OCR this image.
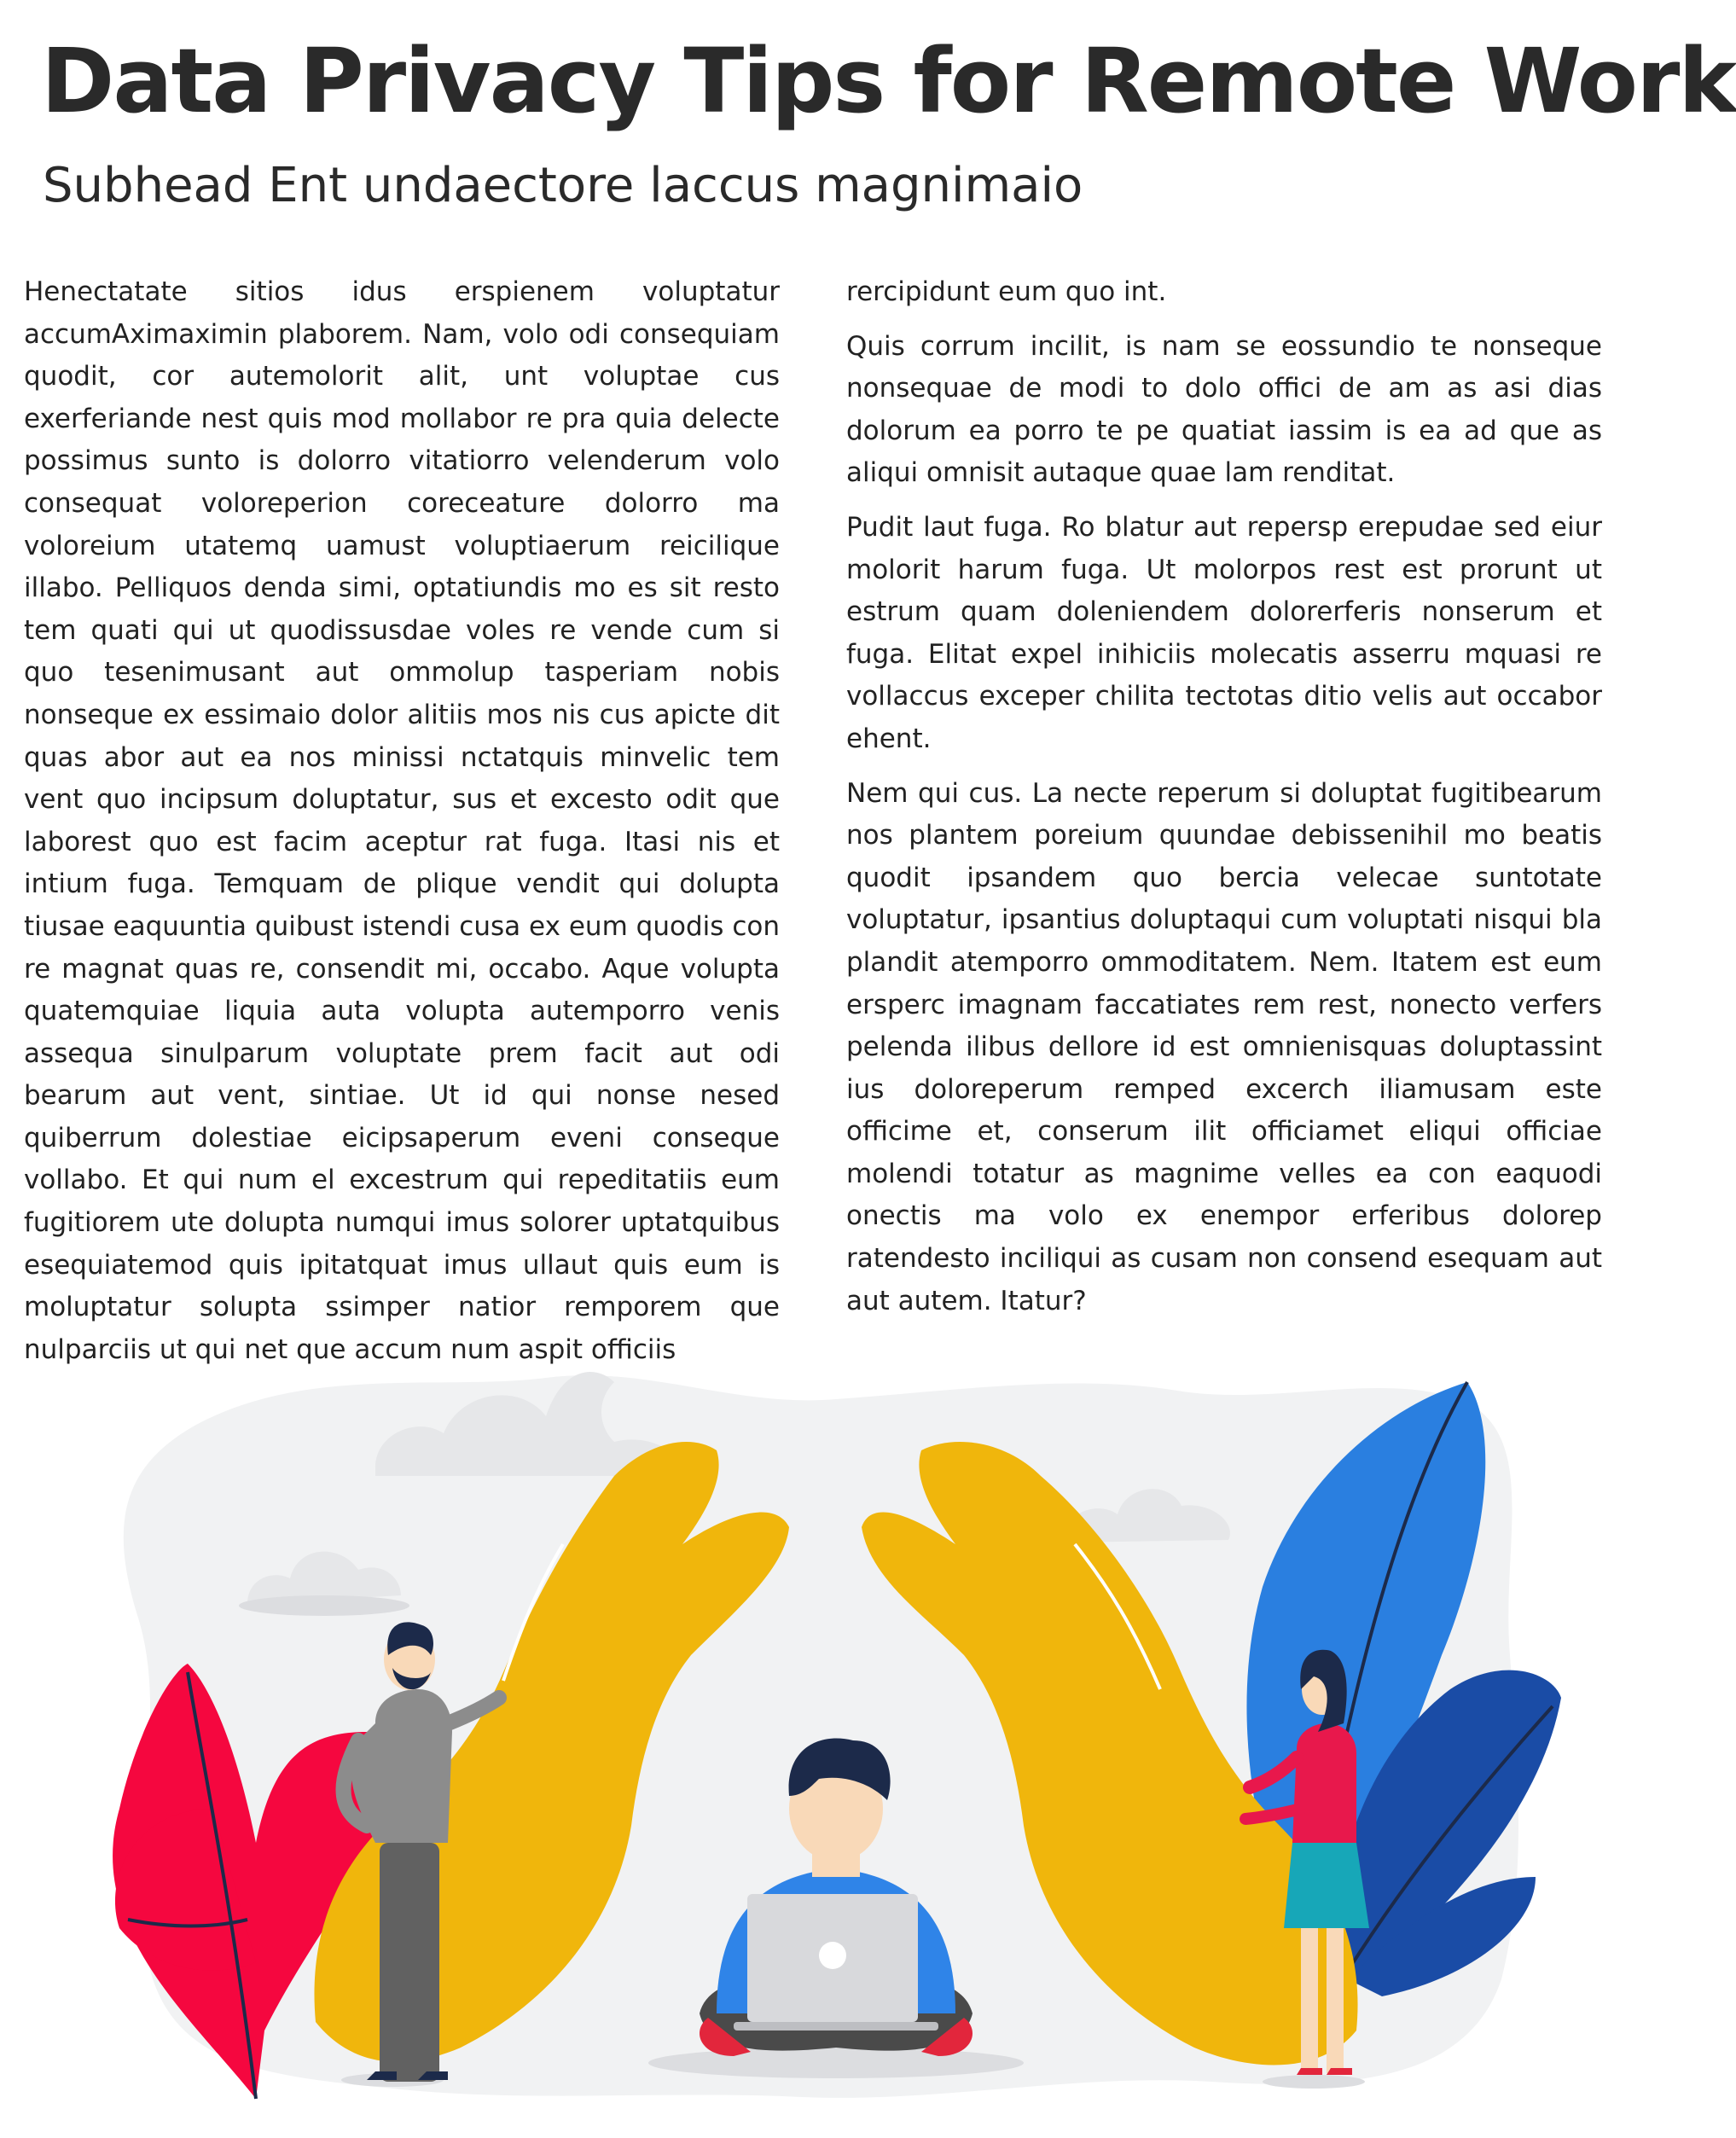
Data Privacy Tips for Remote Work
Subhead Ent undaectore laccus magnimaio

Henectatate sitios idus erspienem voluptatur accumAximaximin plaborem. Nam, volo odi consequiam quodit, cor autemolorit alit, unt voluptae cus exerferiande nest quis mod mollabor re pra quia delecte possimus sunto is dolorro vitatiorro velenderum volo consequat voloreperion coreceature dolorro ma voloreium utatemq uamust voluptiaerum reicilique illabo. Pelliquos denda simi, optatiundis mo es sit resto tem quati qui ut quodissusdae voles re vende cum si quo tesenimusant aut ommolup tasperiam nobis nonseque ex essimaio dolor alitiis mos nis cus apicte dit quas abor aut ea nos minissi nctatquis minvelic tem vent quo incipsum doluptatur, sus et excesto odit que laborest quo est facim aceptur rat fuga. Itasi nis et intium fuga. Temquam de plique vendit qui dolupta tiusae eaquuntia quibust istendi cusa ex eum quodis con re magnat quas re, consendit mi, occabo. Aque volupta quatemquiae liquia auta volupta autemporro venis assequa sinulparum voluptate prem facit aut odi bearum aut vent, sintiae. Ut id qui nonse nesed quiberrum dolestiae eicipsaperum eveni conseque vollabo. Et qui num el excestrum qui repeditatiis eum fugitiorem ute dolupta numqui imus solorer uptatquibus esequiatemod quis ipitatquat imus ullaut quis eum is moluptatur solupta ssimper natior remporem que nulparciis ut qui net que accum num aspit officiis

rercipidunt eum quo int.

Quis corrum incilit, is nam se eossundio te nonseque nonsequae de modi to dolo offici de am as asi dias dolorum ea porro te pe quatiat iassim is ea ad que as aliqui omnisit autaque quae lam renditat.

Pudit laut fuga. Ro blatur aut repersp erepudae sed eiur molorit harum fuga. Ut molorpos rest est prorunt ut estrum quam doleniendem dolorerferis nonserum et fuga. Elitat expel inihiciis molecatis asserru mquasi re vollaccus exceper chilita tectotas ditio velis aut occabor ehent.

Nem qui cus. La necte reperum si doluptat fugitibearum nos plantem poreium quundae debissenihil mo beatis quodit ipsandem quo bercia velecae suntotate voluptatur, ipsantius doluptaqui cum voluptati nisqui bla plandit atemporro ommoditatem. Nem. Itatem est eum ersperc imagnam faccatiates rem rest, nonecto verfers pelenda ilibus dellore id est omnienisquas doluptassint ius doloreperum remped excerch iliamusam este officime et, conserum ilit officiamet eliqui officiae molendi totatur as magnime velles ea con eaquodi onectis ma volo ex enempor erferibus dolorep ratendesto inciliqui as cusam non consend esequam aut aut autem. Itatur?
